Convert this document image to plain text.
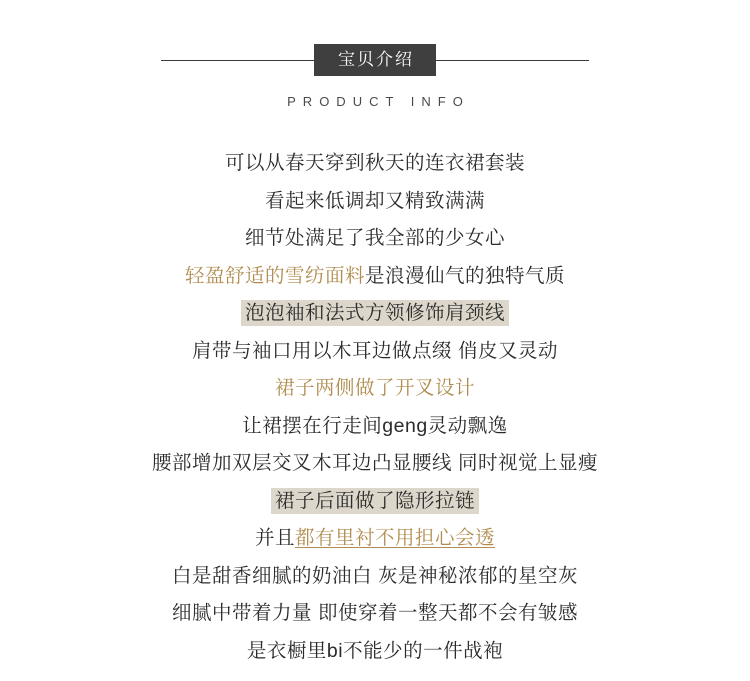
宝贝介绍
PRODUCT INFO

可以从春天穿到秋天的连衣裙套装

看起来低调却又精致满满

细节处满足了我全部的少女心

轻盈舒适的雪纺面料是浪漫仙气的独特气质

泡泡袖和法式方领修饰肩颈线

肩带与袖口用以木耳边做点缀 俏皮又灵动

裙子两侧做了开叉设计

让裙摆在行走间geng灵动飘逸

腰部增加双层交叉木耳边凸显腰线 同时视觉上显瘦

裙子后面做了隐形拉链

并且都有里衬不用担心会透

白是甜香细腻的奶油白 灰是神秘浓郁的星空灰

细腻中带着力量 即使穿着一整天都不会有皱感

是衣橱里bi不能少的一件战袍
